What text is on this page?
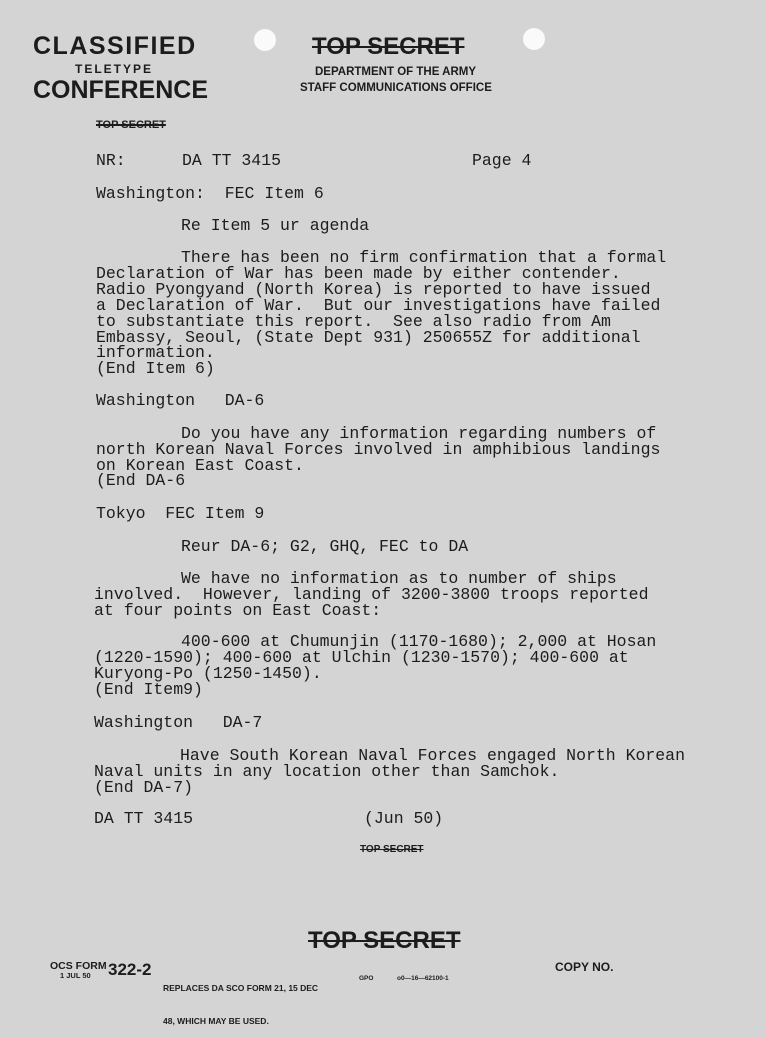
CLASSIFIED
TELETYPE
CONFERENCE
TOP SECRET
DEPARTMENT OF THE ARMY
STAFF COMMUNICATIONS OFFICE
TOP SECRET
NR:	DA TT 3415	Page 4
Washington:  FEC Item 6
Re Item 5 ur agenda
There has been no firm confirmation that a formal
Declaration of War has been made by either contender.
Radio Pyongyand (North Korea) is reported to have issued
a Declaration of War.  But our investigations have failed
to substantiate this report.  See also radio from Am
Embassy, Seoul, (State Dept 931) 250655Z for additional
information.
(End Item 6)
Washington   DA-6
Do you have any information regarding numbers of
north Korean Naval Forces involved in amphibious landings
on Korean East Coast.
(End DA-6
Tokyo  FEC Item 9
Reur DA-6; G2, GHQ, FEC to DA
We have no information as to number of ships
involved.  However, landing of 3200-3800 troops reported
at four points on East Coast:
400-600 at Chumunjin (1170-1680); 2,000 at Hosan
(1220-1590); 400-600 at Ulchin (1230-1570); 400-600 at
Kuryong-Po (1250-1450).
(End Item9)
Washington   DA-7
Have South Korean Naval Forces engaged North Korean
Naval units in any location other than Samchok.
(End DA-7)
DA TT 3415	(Jun 50)
TOP SECRET
TOP SECRET
OCS FORM
1 JUL 50 322-2

REPLACES DA SCO FORM 21, 15 DEC

48, WHICH MAY BE USED.

GPO	o0—16—62100-1
COPY NO.
